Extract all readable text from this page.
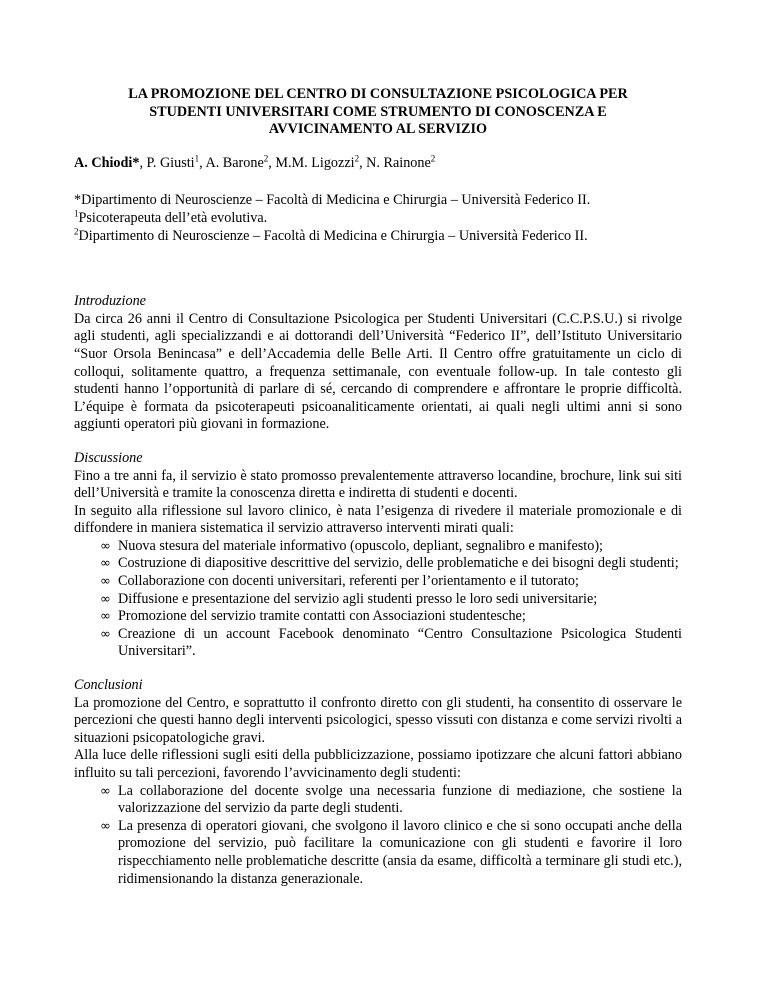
LA PROMOZIONE DEL CENTRO DI CONSULTAZIONE PSICOLOGICA PER
STUDENTI UNIVERSITARI COME STRUMENTO DI CONOSCENZA E
AVVICINAMENTO AL SERVIZIO
A. Chiodi*, P. Giusti$^1$, A. Barone$^2$, M.M. Ligozzi$^2$, N. Rainone$^2$
*Dipartimento di Neuroscienze – Facoltà di Medicina e Chirurgia – Università Federico II.
$^1$Psicoterapeuta dell’età evolutiva.
$^2$Dipartimento di Neuroscienze – Facoltà di Medicina e Chirurgia – Università Federico II.
Introduzione
Da circa 26 anni il Centro di Consultazione Psicologica per Studenti Universitari (C.C.P.S.U.) si rivolge agli studenti, agli specializzandi e ai dottorandi dell’Università “Federico II”, dell’Istituto Universitario “Suor Orsola Benincasa” e dell’Accademia delle Belle Arti. Il Centro offre gratuitamente un ciclo di colloqui, solitamente quattro, a frequenza settimanale, con eventuale follow-up. In tale contesto gli studenti hanno l’opportunità di parlare di sé, cercando di comprendere e affrontare le proprie difficoltà. L’équipe è formata da psicoterapeuti psicoanaliticamente orientati, ai quali negli ultimi anni si sono aggiunti operatori più giovani in formazione.
Discussione
Fino a tre anni fa, il servizio è stato promosso prevalentemente attraverso locandine, brochure, link sui siti dell’Università e tramite la conoscenza diretta e indiretta di studenti e docenti.
In seguito alla riflessione sul lavoro clinico, è nata l’esigenza di rivedere il materiale promozionale e di diffondere in maniera sistematica il servizio attraverso interventi mirati quali:
∞ Nuova stesura del materiale informativo (opuscolo, depliant, segnalibro e manifesto);
∞ Costruzione di diapositive descrittive del servizio, delle problematiche e dei bisogni degli studenti;
∞ Collaborazione con docenti universitari, referenti per l’orientamento e il tutorato;
∞ Diffusione e presentazione del servizio agli studenti presso le loro sedi universitarie;
∞ Promozione del servizio tramite contatti con Associazioni studentesche;
∞ Creazione di un account Facebook denominato “Centro Consultazione Psicologica Studenti Universitari”.
Conclusioni
La promozione del Centro, e soprattutto il confronto diretto con gli studenti, ha consentito di osservare le percezioni che questi hanno degli interventi psicologici, spesso vissuti con distanza e come servizi rivolti a situazioni psicopatologiche gravi.
Alla luce delle riflessioni sugli esiti della pubblicizzazione, possiamo ipotizzare che alcuni fattori abbiano influito su tali percezioni, favorendo l’avvicinamento degli studenti:
∞ La collaborazione del docente svolge una necessaria funzione di mediazione, che sostiene la valorizzazione del servizio da parte degli studenti.
∞ La presenza di operatori giovani, che svolgono il lavoro clinico e che si sono occupati anche della promozione del servizio, può facilitare la comunicazione con gli studenti e favorire il loro rispecchiamento nelle problematiche descritte (ansia da esame, difficoltà a terminare gli studi etc.), ridimensionando la distanza generazionale.
